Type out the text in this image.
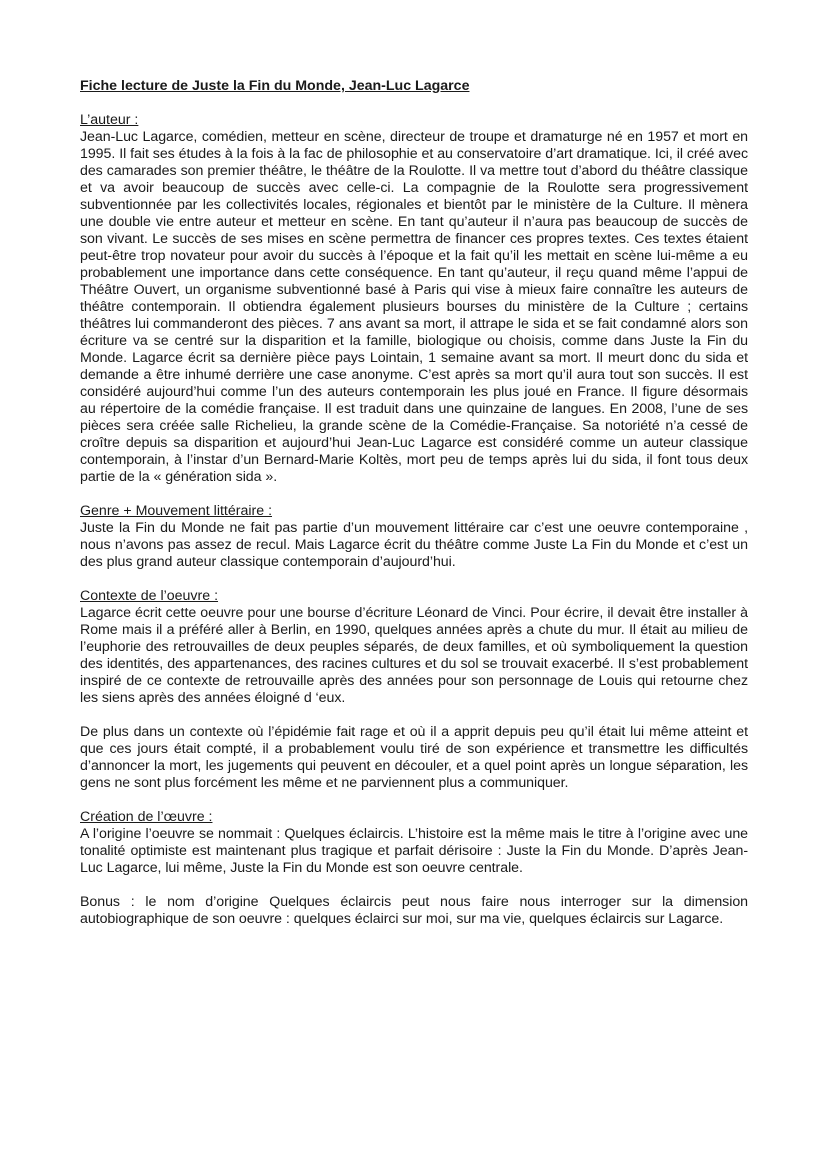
Fiche lecture de Juste la Fin du Monde, Jean-Luc Lagarce
L’auteur :

Jean-Luc Lagarce, comédien, metteur en scène, directeur de troupe et dramaturge né en 1957 et mort en 1995. Il fait ses études à la fois à la fac de philosophie et au conservatoire d’art dramatique. Ici, il créé avec des camarades son premier théâtre, le théâtre de la Roulotte. Il va mettre tout d’abord du théâtre classique et va avoir beaucoup de succès avec celle-ci. La compagnie de la Roulotte sera progressivement subventionnée par les collectivités locales, régionales et bientôt par le ministère de la Culture. Il mènera une double vie entre auteur et metteur en scène. En tant qu’auteur il n’aura pas beaucoup de succès de son vivant. Le succès de ses mises en scène permettra de financer ces propres textes. Ces textes étaient peut-être trop novateur pour avoir du succès à l’époque et la fait qu’il les mettait en scène lui-même a eu probablement une importance dans cette conséquence. En tant qu’auteur, il reçu quand même l’appui de Théâtre Ouvert, un organisme subventionné basé à Paris qui vise à mieux faire connaître les auteurs de théâtre contemporain. Il obtiendra également plusieurs bourses du ministère de la Culture ; certains théâtres lui commanderont des pièces. 7 ans avant sa mort, il attrape le sida et se fait condamné alors son écriture va se centré sur la disparition et la famille, biologique ou choisis, comme dans Juste la Fin du Monde. Lagarce écrit sa dernière pièce pays Lointain, 1 semaine avant sa mort. Il meurt donc du sida et demande a être inhumé derrière une case anonyme. C’est après sa mort qu’il aura tout son succès. Il est considéré aujourd’hui comme l’un des auteurs contemporain les plus joué en France. Il figure désormais au répertoire de la comédie française. Il est traduit dans une quinzaine de langues. En 2008, l’une de ses pièces sera créée salle Richelieu, la grande scène de la Comédie-Française. Sa notoriété n’a cessé de croître depuis sa disparition et aujourd’hui Jean-Luc Lagarce est considéré comme un auteur classique contemporain, à l’instar d’un Bernard-Marie Koltès, mort peu de temps après lui du sida, il font tous deux partie de la « génération sida ».

Genre + Mouvement littéraire :

Juste la Fin du Monde ne fait pas partie d’un mouvement littéraire car c’est une oeuvre contemporaine , nous n’avons pas assez de recul. Mais Lagarce écrit du théâtre comme Juste La Fin du Monde et c’est un des plus grand auteur classique contemporain d’aujourd’hui.

Contexte de l’oeuvre :

Lagarce écrit cette oeuvre pour une bourse d’écriture Léonard de Vinci. Pour écrire, il devait être installer à Rome mais il a préféré aller à Berlin, en 1990, quelques années après a chute du mur. Il était au milieu de l’euphorie des retrouvailles de deux peuples séparés, de deux familles, et où symboliquement la question des identités, des appartenances, des racines cultures et du sol se trouvait exacerbé. Il s’est probablement inspiré de ce contexte de retrouvaille après des années pour son personnage de Louis qui retourne chez les siens après des années éloigné d ‘eux.

De plus dans un contexte où l’épidémie fait rage et où il a apprit depuis peu qu’il était lui même atteint et que ces jours était compté, il a probablement voulu tiré de son expérience et transmettre les difficultés d’annoncer la mort, les jugements qui peuvent en découler, et a quel point après un longue séparation, les gens ne sont plus forcément les même et ne parviennent plus a communiquer.

Création de l’œuvre :

A l’origine l’oeuvre se nommait : Quelques éclaircis. L’histoire est la même mais le titre à l’origine avec une tonalité optimiste est maintenant plus tragique et parfait dérisoire : Juste la Fin du Monde. D’après Jean-Luc Lagarce, lui même, Juste la Fin du Monde est son oeuvre centrale.

Bonus : le nom d’origine Quelques éclaircis peut nous faire nous interroger sur la dimension autobiographique de son oeuvre : quelques éclairci sur moi, sur ma vie, quelques éclaircis sur Lagarce.
